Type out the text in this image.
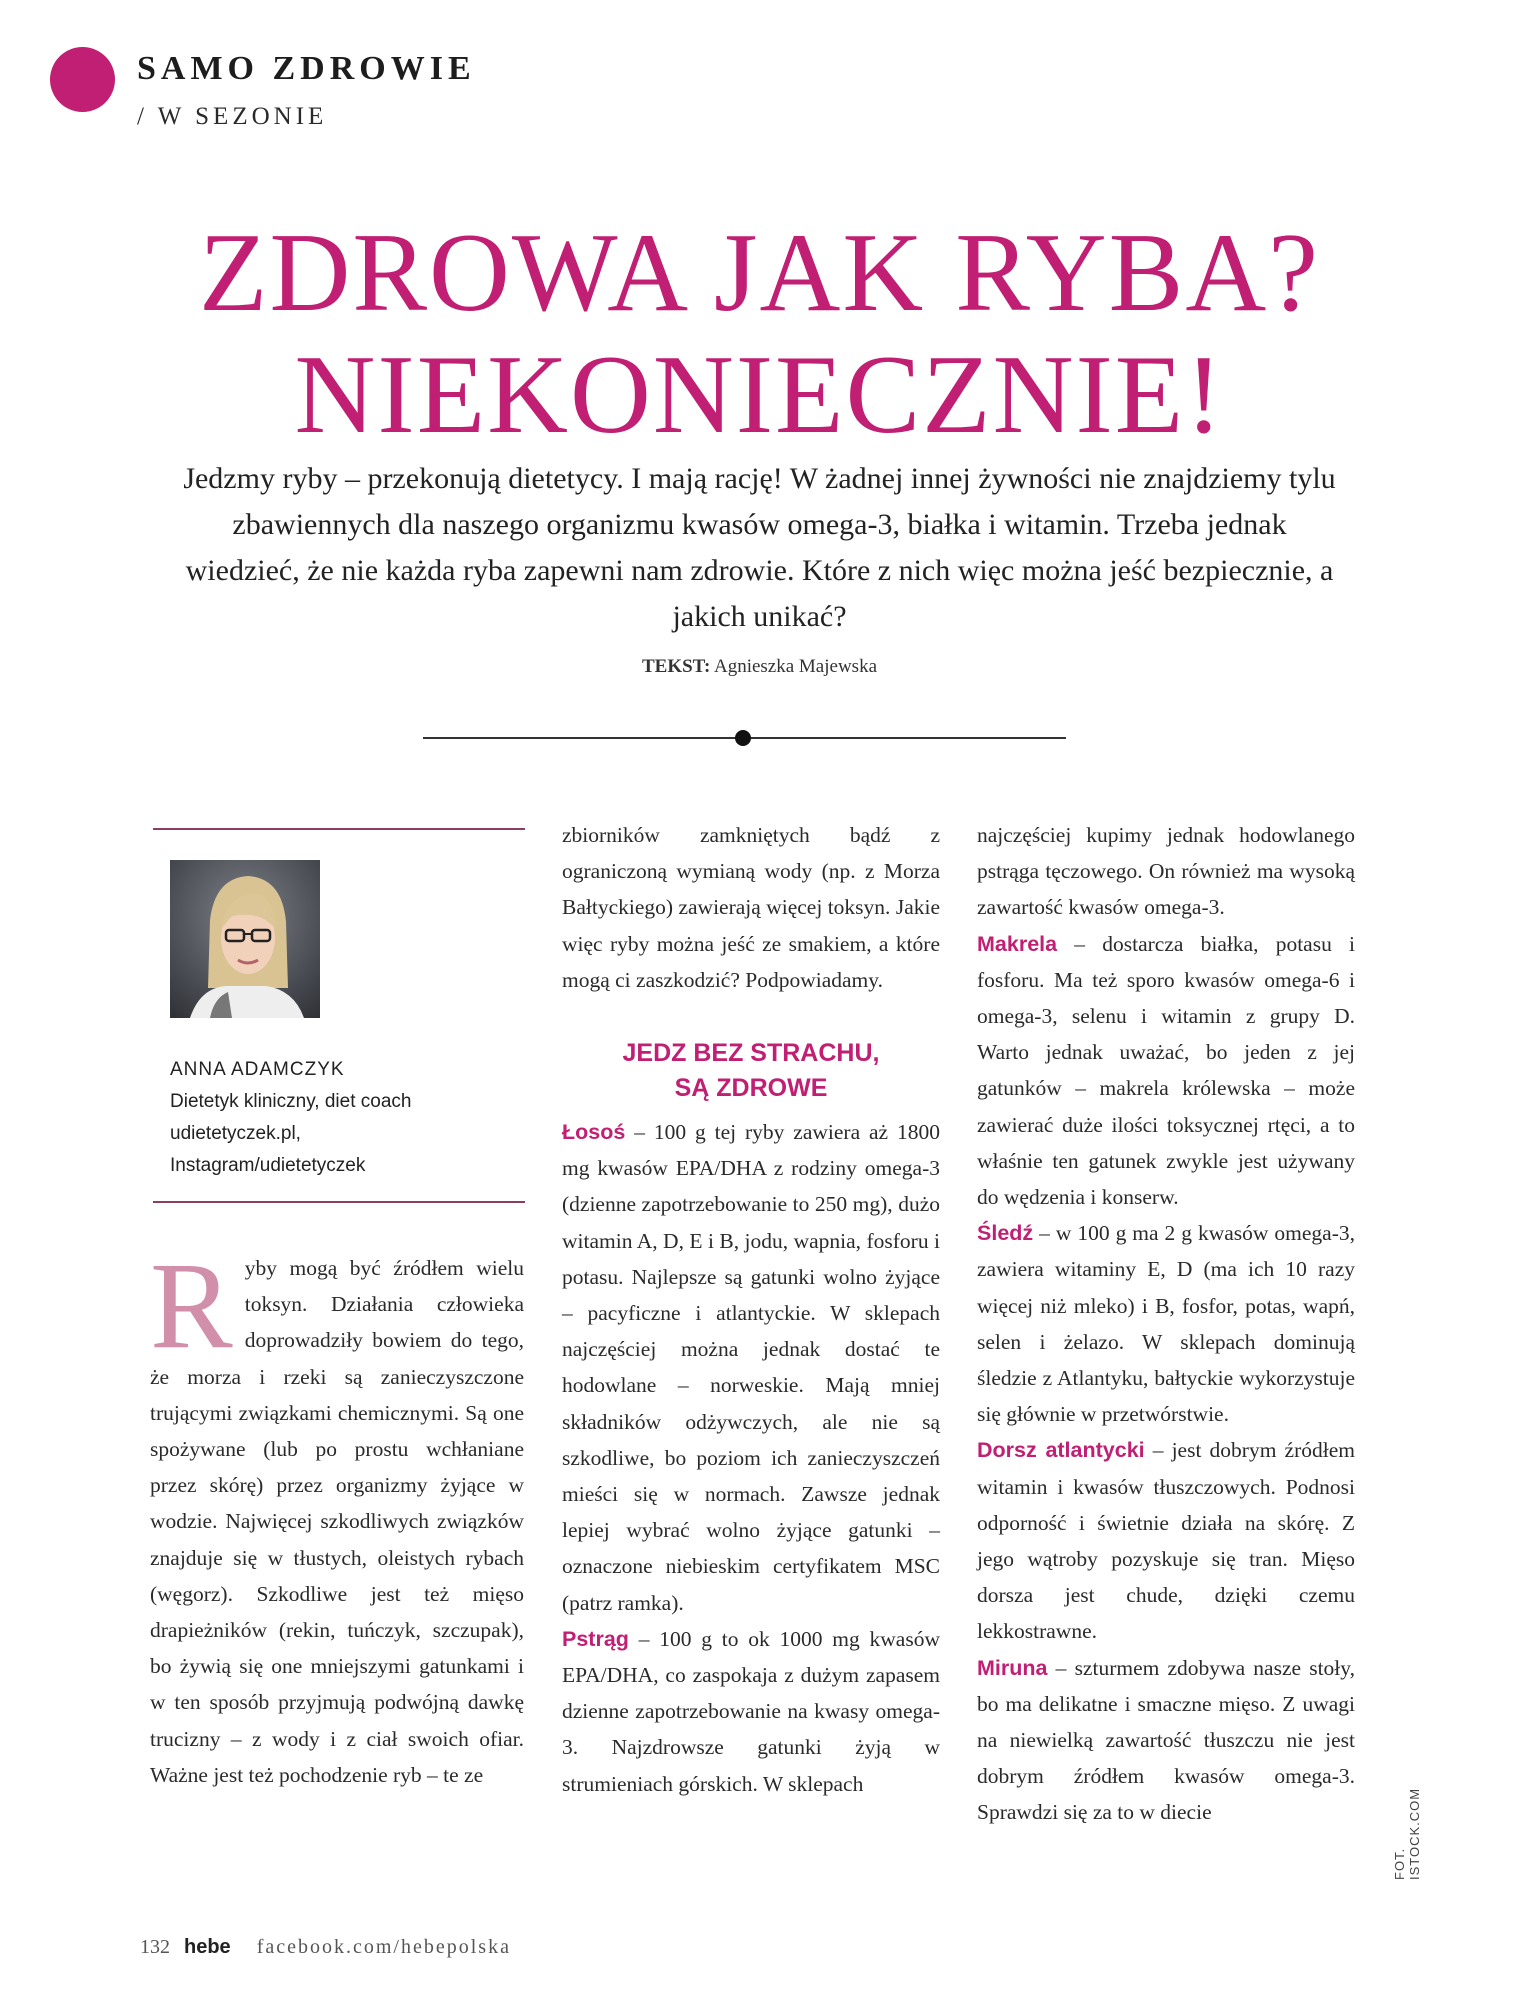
SAMO ZDROWIE
/ W SEZONIE
ZDROWA JAK RYBA?
NIEKONIECZNIE!
Jedzmy ryby – przekonują dietetycy. I mają rację! W żadnej innej żywności nie znajdziemy tylu zbawiennych dla naszego organizmu kwasów omega-3, białka i witamin. Trzeba jednak wiedzieć, że nie każda ryba zapewni nam zdrowie. Które z nich więc można jeść bezpiecznie, a jakich unikać?
TEKST: Agnieszka Majewska
ANNA ADAMCZYK
Dietetyk kliniczny, diet coach
udietetyczek.pl,
Instagram/udietetyczek

Ryby mogą być źródłem wielu toksyn. Działania człowieka doprowadziły bowiem do tego, że morza i rzeki są zanieczyszczone trującymi związkami chemicznymi. Są one spożywane (lub po prostu wchłaniane przez skórę) przez organizmy żyjące w wodzie. Najwięcej szkodliwych związków znajduje się w tłustych, oleistych rybach (węgorz). Szkodliwe jest też mięso drapieżników (rekin, tuńczyk, szczupak), bo żywią się one mniejszymi gatunkami i w ten sposób przyjmują podwójną dawkę trucizny – z wody i z ciał swoich ofiar. Ważne jest też pochodzenie ryb – te ze

zbiorników zamkniętych bądź z ograniczoną wymianą wody (np. z Morza Bałtyckiego) zawierają więcej toksyn. Jakie więc ryby można jeść ze smakiem, a które mogą ci zaszkodzić? Podpowiadamy.

JEDZ BEZ STRACHU,
SĄ ZDROWE

Łosoś – 100 g tej ryby zawiera aż 1800 mg kwasów EPA/DHA z rodziny omega-3 (dzienne zapotrzebowanie to 250 mg), dużo witamin A, D, E i B, jodu, wapnia, fosforu i potasu. Najlepsze są gatunki wolno żyjące – pacyficzne i atlantyckie. W sklepach najczęściej można jednak dostać te hodowlane – norweskie. Mają mniej składników odżywczych, ale nie są szkodliwe, bo poziom ich zanieczyszczeń mieści się w normach. Zawsze jednak lepiej wybrać wolno żyjące gatunki – oznaczone niebieskim certyfikatem MSC (patrz ramka).

Pstrąg – 100 g to ok 1000 mg kwasów EPA/DHA, co zaspokaja z dużym zapasem dzienne zapotrzebowanie na kwasy omega-3. Najzdrowsze gatunki żyją w strumieniach górskich. W sklepach

najczęściej kupimy jednak hodowlanego pstrąga tęczowego. On również ma wysoką zawartość kwasów omega-3.

Makrela – dostarcza białka, potasu i fosforu. Ma też sporo kwasów omega-6 i omega-3, selenu i witamin z grupy D. Warto jednak uważać, bo jeden z jej gatunków – makrela królewska – może zawierać duże ilości toksycznej rtęci, a to właśnie ten gatunek zwykle jest używany do wędzenia i konserw.

Śledź – w 100 g ma 2 g kwasów omega-3, zawiera witaminy E, D (ma ich 10 razy więcej niż mleko) i B, fosfor, potas, wapń, selen i żelazo. W sklepach dominują śledzie z Atlantyku, bałtyckie wykorzystuje się głównie w przetwórstwie.

Dorsz atlantycki – jest dobrym źródłem witamin i kwasów tłuszczowych. Podnosi odporność i świetnie działa na skórę. Z jego wątroby pozyskuje się tran. Mięso dorsza jest chude, dzięki czemu lekkostrawne.

Miruna – szturmem zdobywa nasze stoły, bo ma delikatne i smaczne mięso. Z uwagi na niewielką zawartość tłuszczu nie jest dobrym źródłem kwasów omega-3. Sprawdzi się za to w diecie

FOT. ISTOCK.COM
132 hebe facebook.com/hebepolska
